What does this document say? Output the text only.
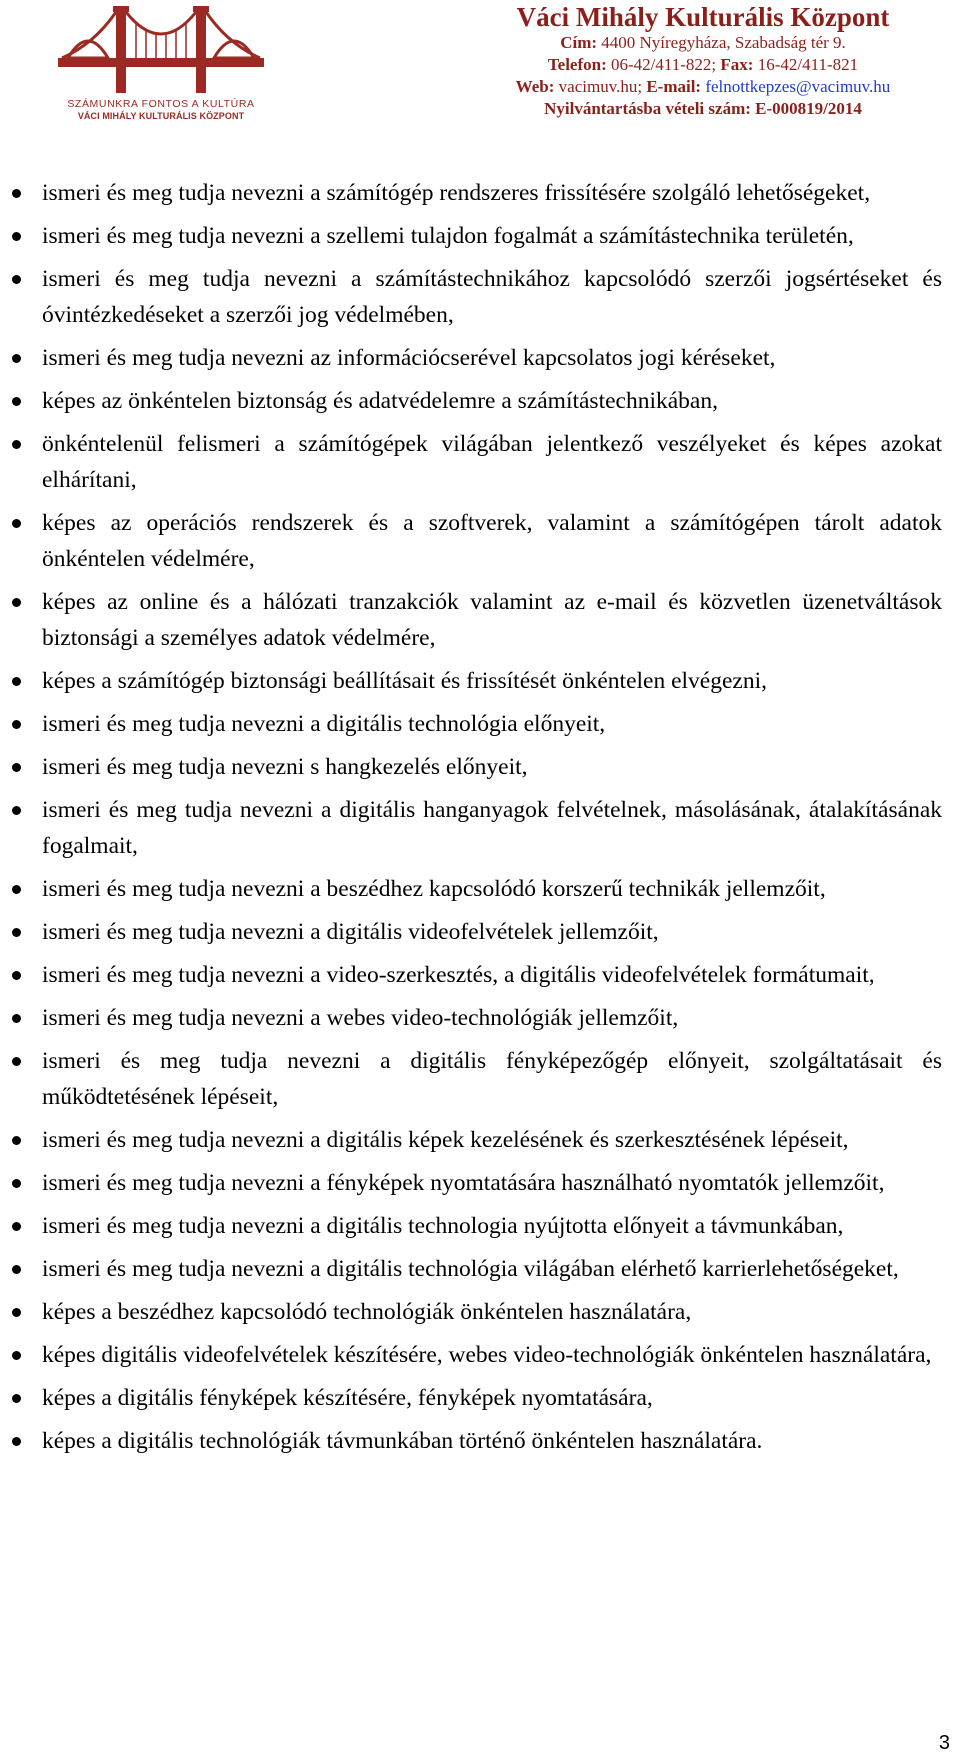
SZÁMUNKRA FONTOS A KULTÚRA
VÁCI MIHÁLY KULTURÁLIS KÖZPONT
Váci Mihály Kulturális Központ
Cím: 4400 Nyíregyháza, Szabadság tér 9.
Telefon: 06-42/411-822; Fax: 16-42/411-821
Web: vacimuv.hu; E-mail: felnottkepzes@vacimuv.hu
Nyilvántartásba vételi szám: E-000819/2014
ismeri és meg tudja nevezni a számítógép rendszeres frissítésére szolgáló lehetőségeket,
ismeri és meg tudja nevezni a szellemi tulajdon fogalmát a számítástechnika területén,
ismeri és meg tudja nevezni a számítástechnikához kapcsolódó szerzői jogsértéseket és óvintézkedéseket a szerzői jog védelmében,
ismeri és meg tudja nevezni az információcserével kapcsolatos jogi kéréseket,
képes az önkéntelen biztonság és adatvédelemre a számítástechnikában,
önkéntelenül felismeri a számítógépek világában jelentkező veszélyeket és képes azokat elhárítani,
képes az operációs rendszerek és a szoftverek, valamint a számítógépen tárolt adatok önkéntelen védelmére,
képes az online és a hálózati tranzakciók valamint az e-mail és közvetlen üzenetváltások biztonsági a személyes adatok védelmére,
képes a számítógép biztonsági beállításait és frissítését önkéntelen elvégezni,
ismeri és meg tudja nevezni a digitális technológia előnyeit,
ismeri és meg tudja nevezni s hangkezelés előnyeit,
ismeri és meg tudja nevezni a digitális hanganyagok felvételnek, másolásának, átalakításának fogalmait,
ismeri és meg tudja nevezni a beszédhez kapcsolódó korszerű technikák jellemzőit,
ismeri és meg tudja nevezni a digitális videofelvételek jellemzőit,
ismeri és meg tudja nevezni a video-szerkesztés, a digitális videofelvételek formátumait,
ismeri és meg tudja nevezni a webes video-technológiák jellemzőit,
ismeri és meg tudja nevezni a digitális fényképezőgép előnyeit, szolgáltatásait és működtetésének lépéseit,
ismeri és meg tudja nevezni a digitális képek kezelésének és szerkesztésének lépéseit,
ismeri és meg tudja nevezni a fényképek nyomtatására használható nyomtatók jellemzőit,
ismeri és meg tudja nevezni a digitális technologia nyújtotta előnyeit a távmunkában,
ismeri és meg tudja nevezni a digitális technológia világában elérhető karrierlehetőségeket,
képes a beszédhez kapcsolódó technológiák önkéntelen használatára,
képes digitális videofelvételek készítésére, webes video-technológiák önkéntelen használatára,
képes a digitális fényképek készítésére, fényképek nyomtatására,
képes a digitális technológiák távmunkában történő önkéntelen használatára.
3
